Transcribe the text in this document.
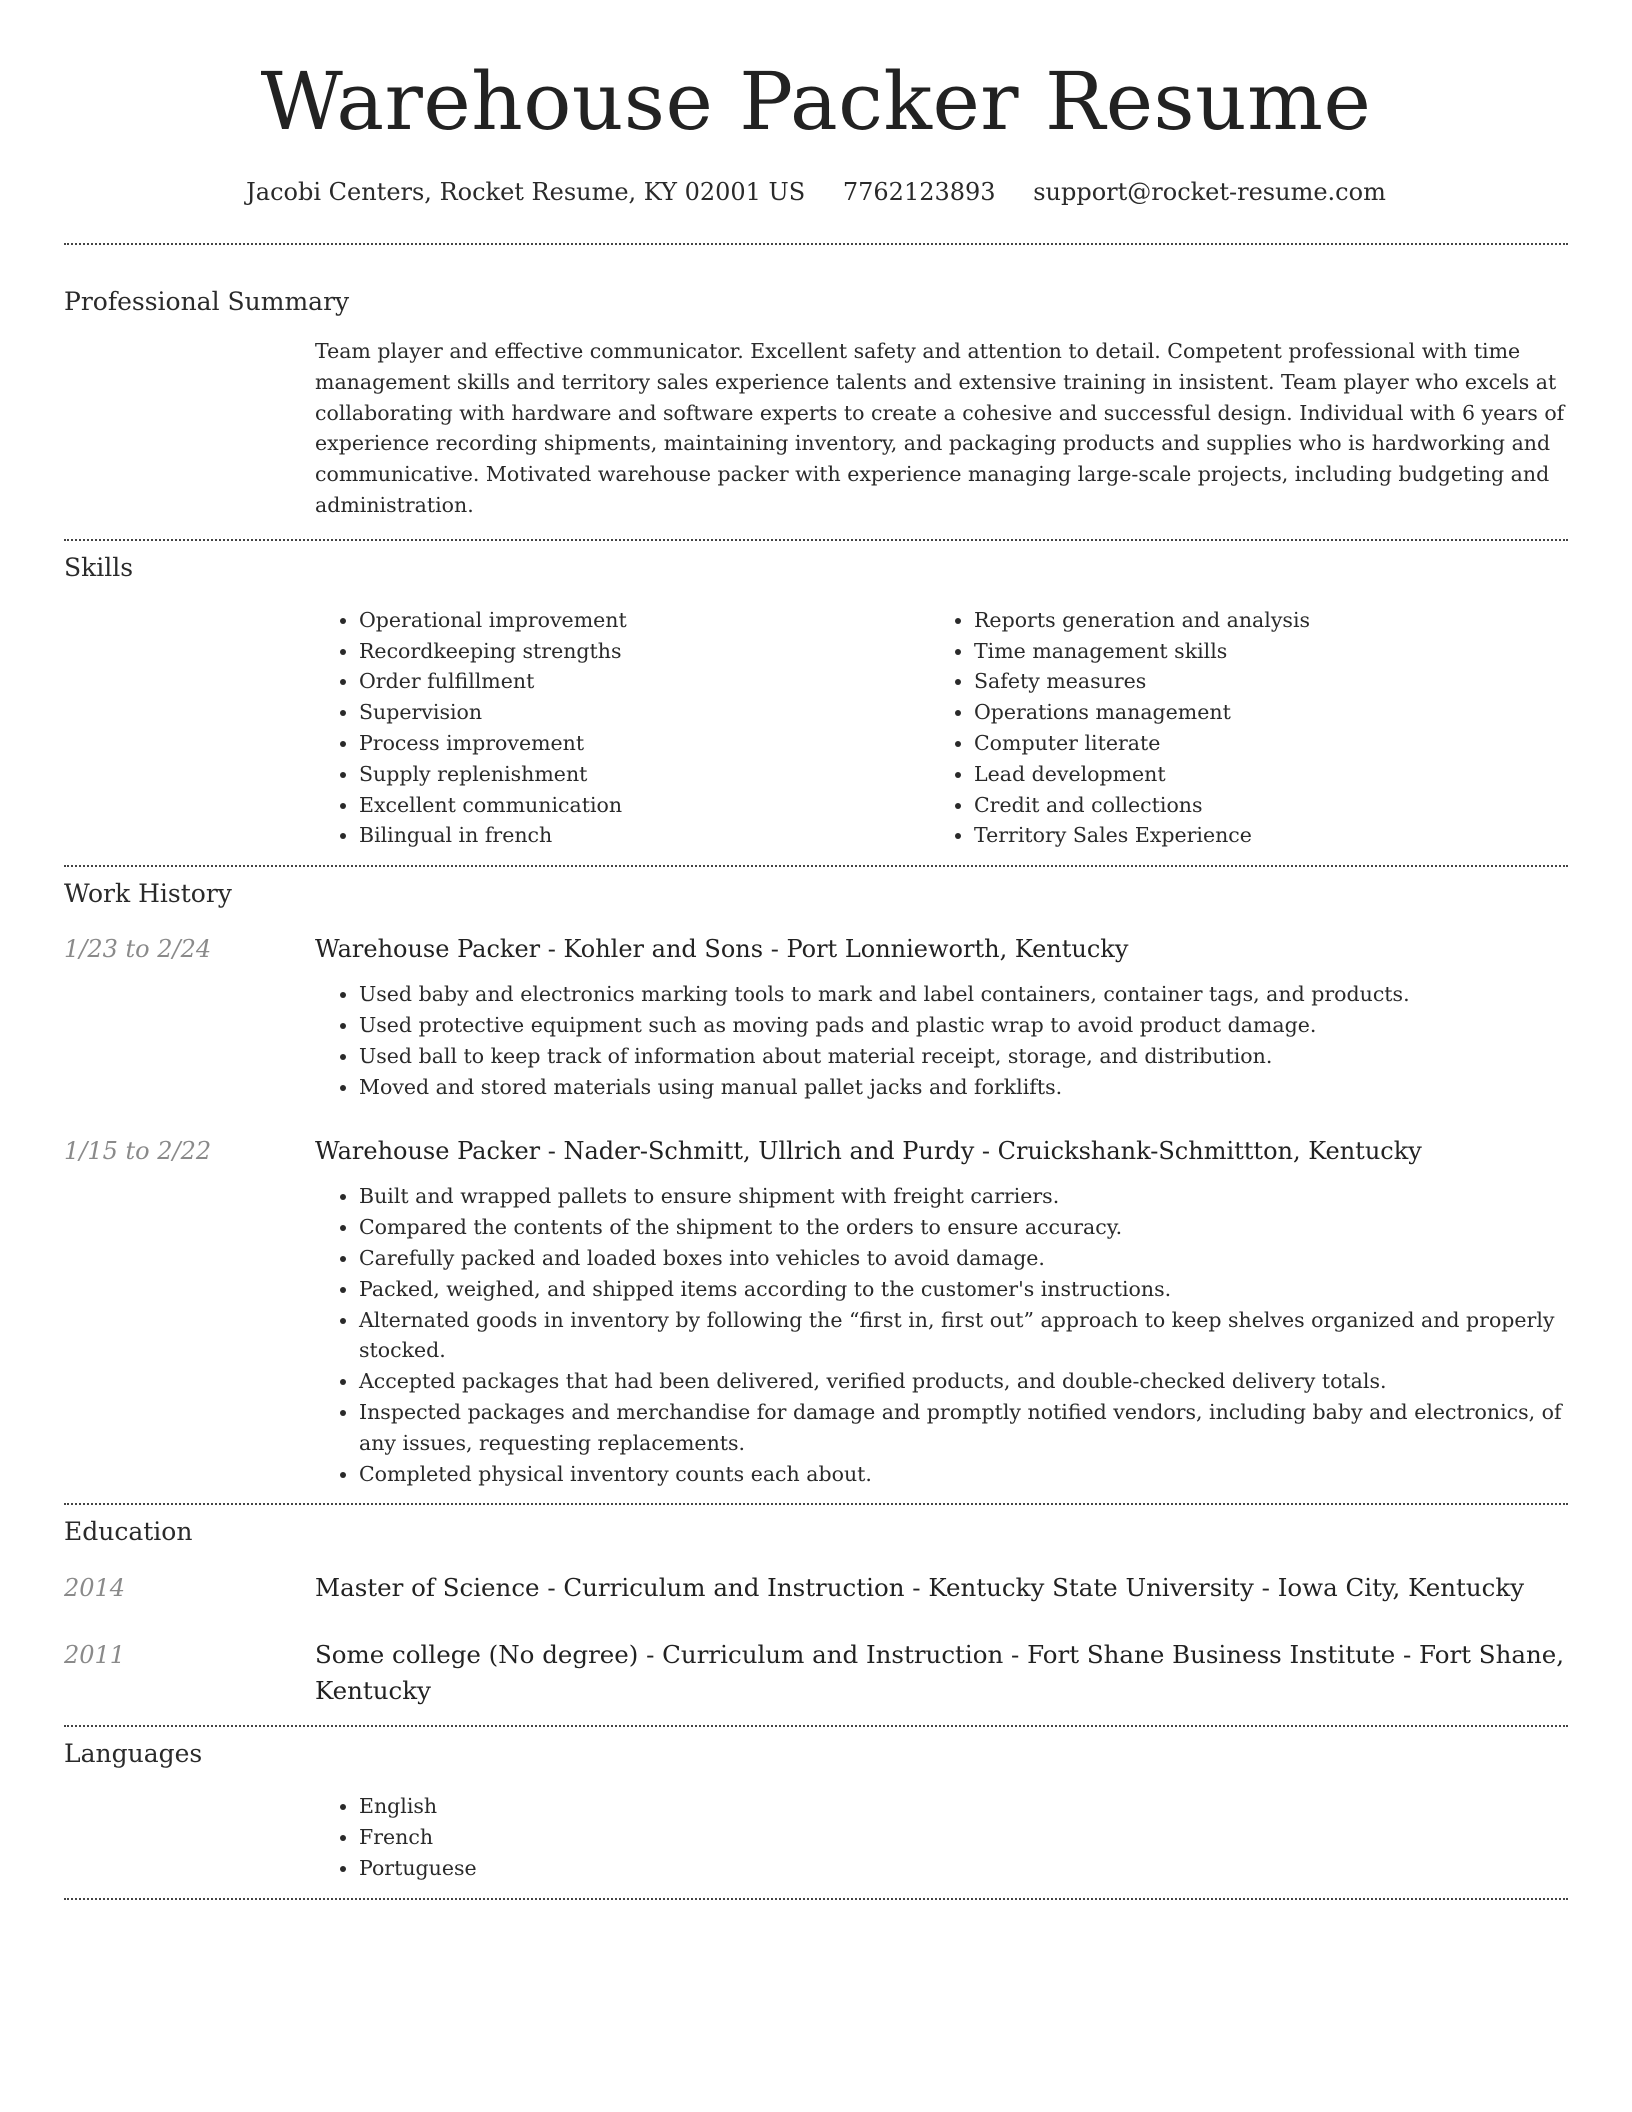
Warehouse Packer Resume
Jacobi Centers, Rocket Resume, KY 02001 US 7762123893 support@rocket-resume.com
Professional Summary
Team player and effective communicator. Excellent safety and attention to detail. Competent professional with time management skills and territory sales experience talents and extensive training in insistent. Team player who excels at collaborating with hardware and software experts to create a cohesive and successful design. Individual with 6 years of experience recording shipments, maintaining inventory, and packaging products and supplies who is hardworking and communicative. Motivated warehouse packer with experience managing large-scale projects, including budgeting and administration.
Skills
• Operational improvement
• Recordkeeping strengths
• Order fulfillment
• Supervision
• Process improvement
• Supply replenishment
• Excellent communication
• Bilingual in french
• Reports generation and analysis
• Time management skills
• Safety measures
• Operations management
• Computer literate
• Lead development
• Credit and collections
• Territory Sales Experience
Work History
1/23 to 2/24	Warehouse Packer - Kohler and Sons - Port Lonnieworth, Kentucky
• Used baby and electronics marking tools to mark and label containers, container tags, and products.
• Used protective equipment such as moving pads and plastic wrap to avoid product damage.
• Used ball to keep track of information about material receipt, storage, and distribution.
• Moved and stored materials using manual pallet jacks and forklifts.
1/15 to 2/22	Warehouse Packer - Nader-Schmitt, Ullrich and Purdy - Cruickshank-Schmittton, Kentucky
• Built and wrapped pallets to ensure shipment with freight carriers.
• Compared the contents of the shipment to the orders to ensure accuracy.
• Carefully packed and loaded boxes into vehicles to avoid damage.
• Packed, weighed, and shipped items according to the customer's instructions.
• Alternated goods in inventory by following the “first in, first out” approach to keep shelves organized and properly stocked.
• Accepted packages that had been delivered, verified products, and double-checked delivery totals.
• Inspected packages and merchandise for damage and promptly notified vendors, including baby and electronics, of any issues, requesting replacements.
• Completed physical inventory counts each about.
Education
2014	Master of Science - Curriculum and Instruction - Kentucky State University - Iowa City, Kentucky
2011	Some college (No degree) - Curriculum and Instruction - Fort Shane Business Institute - Fort Shane, Kentucky
Languages
• English
• French
• Portuguese
